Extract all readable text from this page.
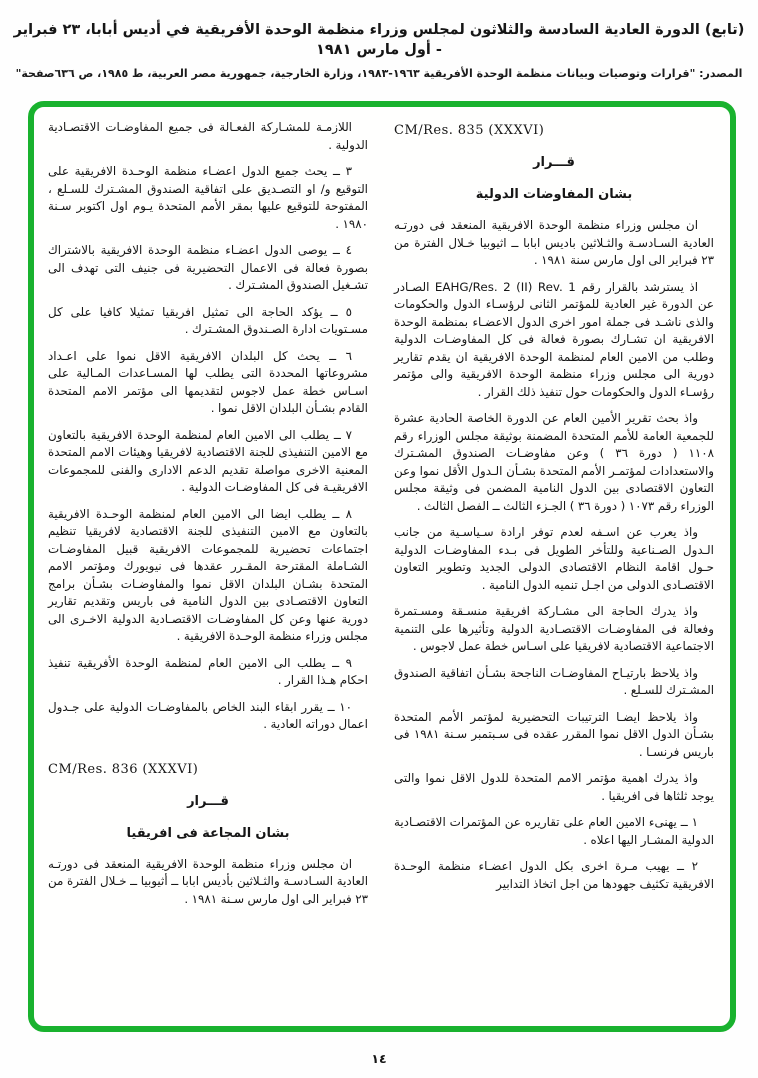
(تابع) الدورة العادية السادسة والثلاثون لمجلس وزراء منظمة الوحدة الأفريقية في أديس أبابا، ٢٣ فبراير - أول مارس ١٩٨١
المصدر: "قرارات وتوصيات وبيانات منظمة الوحدة الأفريقية ١٩٦٣-١٩٨٣، وزارة الخارجية، جمهورية مصر العربية، ط ١٩٨٥، ص ٦٣٦صفحة"
CM/Res. 835 (XXXVI)
قـــرار
بشان المفاوضات الدولية
ان مجلس وزراء منظمة الوحدة الافريقية المنعقد فى دورتـه العادية السـادسـة والثـلاثين باديس ابابا ــ اثيوبيا خـلال الفترة من ٢٣ فبراير الى اول مارس سنة ١٩٨١ .
اذ يسترشد بالقرار رقم EAHG/Res. 2 (II) Rev. 1 الصـادر عن الدورة غير العادية للمؤتمر الثانى لرؤسـاء الدول والحكومات والذى ناشـد فى جملة امور اخرى الدول الاعضـاء بمنظمة الوحدة الافريقية ان تشـارك بصورة فعالة فى كل المفاوضـات الدولية وطلب من الامين العام لمنظمة الوحدة الافريقية ان يقدم تقارير دورية الى مجلس وزراء منظمة الوحدة الافريقية والى مؤتمر رؤسـاء الدول والحكومات حول تنفيذ ذلك القرار .
واذ بحث تقرير الأمين العام عن الدورة الخاصة الحادية عشرة للجمعية العامة للأمم المتحدة المضمنة بوثيقة مجلس الوزراء رقم ١١٠٨ ( دورة ٣٦ ) وعن مفاوضـات الصندوق المشـترك والاستعدادات لمؤتمـر الأمم المتحدة بشـأن الـدول الأقل نموا وعن التعاون الاقتصادى بين الدول النامية المضمن فى وثيقة مجلس الوزراء رقم ١٠٧٣ ( دورة ٣٦ ) الجـزء الثالث ــ الفصل الثالث .
واذ يعرب عن اسـفه لعدم توفر ارادة سـياسـية من جانب الـدول الصـناعية وللتأخر الطويل فى بـدء المفاوضـات الدولية حـول اقامة النظام الاقتصادى الدولى الجديد وتطوير التعاون الاقتصـادى الدولى من اجـل تنميه الدول النامية .
واذ يدرك الحاجة الى مشـاركة افريقية منسـقة ومسـتمرة وفعالة فى المفاوضـات الاقتصـادية الدولية وتأثيرها على التنمية الاجتماعية الاقتصادية لافريقيا على اسـاس خطة عمل لاجوس .
واذ يلاحظ بارتيـاح المفاوضـات الناجحة بشـأن اتفاقية الصندوق المشـترك للسـلع .
واذ يلاحظ ايضـا الترتيبات التحضيرية لمؤتمر الأمم المتحدة بشـأن الدول الاقل نموا المقرر عقده فى سـبتمبر سـنة ١٩٨١ فى باريس فرنسـا .
واذ يدرك اهمية مؤتمر الامم المتحدة للدول الاقل نموا والتى يوجد ثلثاها فى افريقيا .
١ ــ يهنىء الامين العام على تقاريره عن المؤتمرات الاقتصـادية الدولية المشـار اليها اعلاه .
٢ ــ يهيب مـرة اخرى بكل الدول اعضـاء منظمة الوحـدة الافريقية تكثيف جهودها من اجل اتخاذ التدابير
اللازمـة للمشـاركة الفعـالة فى جميع المفاوضـات الاقتصـادية الدولية .
٣ ــ يحث جميع الدول اعضـاء منظمة الوحـدة الافريقية على التوقيع و/ او التصـديق على اتفاقية الصندوق المشـترك للسـلع ، المفتوحة للتوقيع عليها بمقر الأمم المتحدة يـوم اول اكتوبر سـنة ١٩٨٠ .
٤ ــ يوصى الدول اعضـاء منظمة الوحدة الافريقية بالاشتراك بصورة فعالة فى الاعمال التحضيرية فى جنيف التى تهدف الى تشـغيل الصندوق المشـترك .
٥ ــ يؤكد الحاجة الى تمثيل افريقيا تمثيلا كافيا على كل مسـتويات ادارة الصـندوق المشـترك .
٦ ــ يحث كل البلدان الافريقية الاقل نموا على اعـداد مشروعاتها المحددة التى يطلب لها المسـاعدات المـالية على اسـاس خطة عمل لاجوس لتقديمها الى مؤتمر الامم المتحدة القادم بشـأن البلدان الاقل نموا .
٧ ــ يطلب الى الامين العام لمنظمة الوحدة الافريقية بالتعاون مع الامين التنفيذى للجنة الاقتصادية لافريقيا وهيئات الامم المتحدة المعنية الاخرى مواصلة تقديم الدعم الادارى والفنى للمجموعات الافريقيـة فى كل المفاوضـات الدولية .
٨ ــ يطلب ايضا الى الامين العام لمنظمة الوحـدة الافريقية بالتعاون مع الامين التنفيذى للجنة الاقتصادية لافريقيا تنظيم اجتماعات تحضيرية للمجموعات الافريقية قبيل المفاوضـات الشـاملة المقترحة المقـرر عقدها فى نيويورك ومؤتمر الامم المتحدة بشـان البلدان الاقل نموا والمفاوضـات بشـأن برامج التعاون الاقتصـادى بين الدول النامية فى باريس وتقديم تقارير دورية عنها وعن كل المفاوضـات الاقتصـادية الدولية الاخـرى الى مجلس وزراء منظمة الوحـدة الافريقية .
٩ ــ يطلب الى الامين العام لمنظمة الوحدة الأفريقية تنفيذ احكام هـذا القرار .
١٠ ــ يقرر ابقاء البند الخاص بالمفاوضـات الدولية على جـدول اعمال دوراته العادية .
CM/Res. 836 (XXXVI)
قـــرار
بشان المجاعة فى افريقيا
ان مجلس وزراء منظمة الوحدة الافريقية المنعقد فى دورتـه العادية السـادسـة والثـلاثين بأديس ابابا ــ أثيوبيا ــ خـلال الفترة من ٢٣ فبراير الى اول مارس سـنة ١٩٨١ .
١٤
